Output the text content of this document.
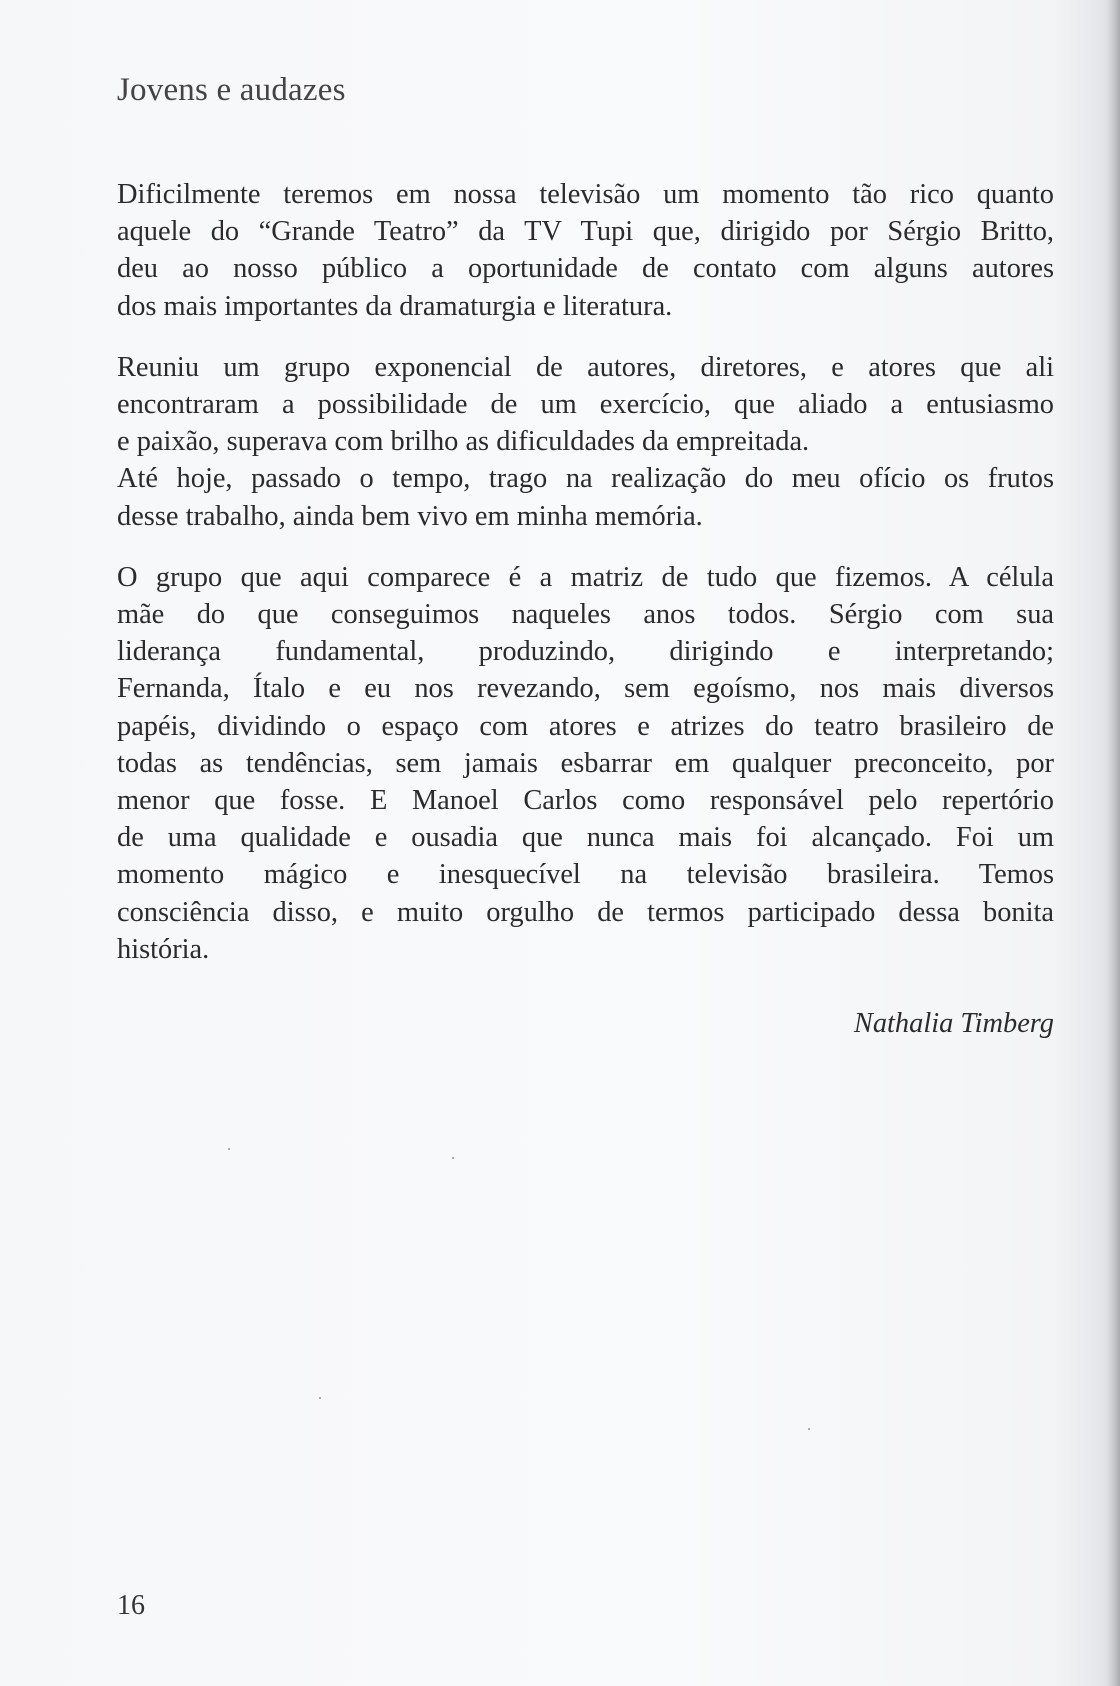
Jovens e audazes

Dificilmente teremos em nossa televisão um momento tão rico quanto
aquele do “Grande Teatro” da TV Tupi que, dirigido por Sérgio Britto,
deu ao nosso público a oportunidade de contato com alguns autores
dos mais importantes da dramaturgia e literatura.

Reuniu um grupo exponencial de autores, diretores, e atores que ali
encontraram a possibilidade de um exercício, que aliado a entusiasmo
e paixão, superava com brilho as dificuldades da empreitada.
Até hoje, passado o tempo, trago na realização do meu ofício os frutos
desse trabalho, ainda bem vivo em minha memória.

O grupo que aqui comparece é a matriz de tudo que fizemos. A célula
mãe do que conseguimos naqueles anos todos. Sérgio com sua
liderança fundamental, produzindo, dirigindo e interpretando;
Fernanda, Ítalo e eu nos revezando, sem egoísmo, nos mais diversos
papéis, dividindo o espaço com atores e atrizes do teatro brasileiro de
todas as tendências, sem jamais esbarrar em qualquer preconceito, por
menor que fosse. E Manoel Carlos como responsável pelo repertório
de uma qualidade e ousadia que nunca mais foi alcançado. Foi um
momento mágico e inesquecível na televisão brasileira. Temos
consciência disso, e muito orgulho de termos participado dessa bonita
história.

Nathalia Timberg
16
